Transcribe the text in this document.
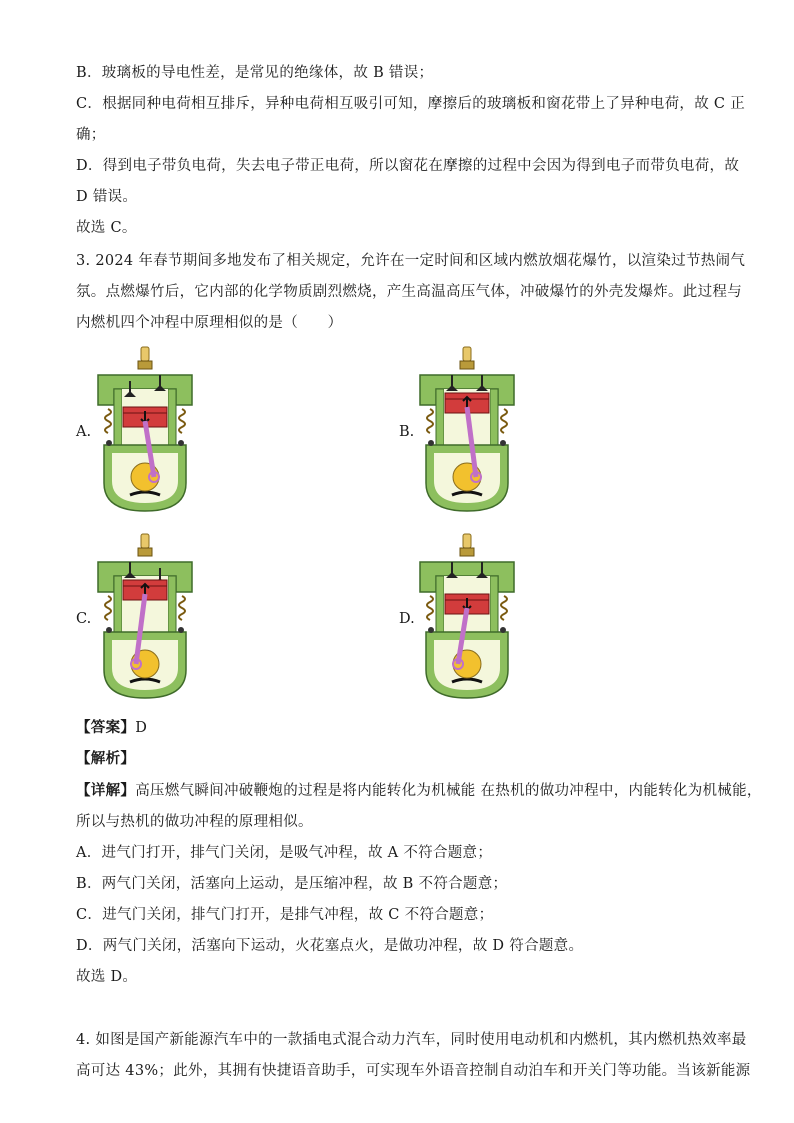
B．玻璃板的导电性差，是常见的绝缘体，故 B 错误；
C．根据同种电荷相互排斥，异种电荷相互吸引可知，摩擦后的玻璃板和窗花带上了异种电荷，故 C 正
确；
D．得到电子带负电荷，失去电子带正电荷，所以窗花在摩擦的过程中会因为得到电子而带负电荷，故
D 错误。
故选 C。
3. 2024 年春节期间多地发布了相关规定，允许在一定时间和区域内燃放烟花爆竹，以渲染过节热闹气
氛。点燃爆竹后，它内部的化学物质剧烈燃烧，产生高温高压气体，冲破爆竹的外壳发爆炸。此过程与
内燃机四个冲程中原理相似的是（　　）
A.	B.
C.	D.
【答案】D
【解析】
【详解】高压燃气瞬间冲破鞭炮的过程是将内能转化为机械能 在热机的做功冲程中，内能转化为机械能，
所以与热机的做功冲程的原理相似。
A．进气门打开，排气门关闭，是吸气冲程，故 A 不符合题意；
B．两气门关闭，活塞向上运动，是压缩冲程，故 B 不符合题意；
C．进气门关闭，排气门打开，是排气冲程，故 C 不符合题意；
D．两气门关闭，活塞向下运动，火花塞点火，是做功冲程，故 D 符合题意。
故选 D。
4. 如图是国产新能源汽车中的一款插电式混合动力汽车，同时使用电动机和内燃机，其内燃机热效率最
高可达 43%；此外，其拥有快捷语音助手，可实现车外语音控制自动泊车和开关门等功能。当该新能源
